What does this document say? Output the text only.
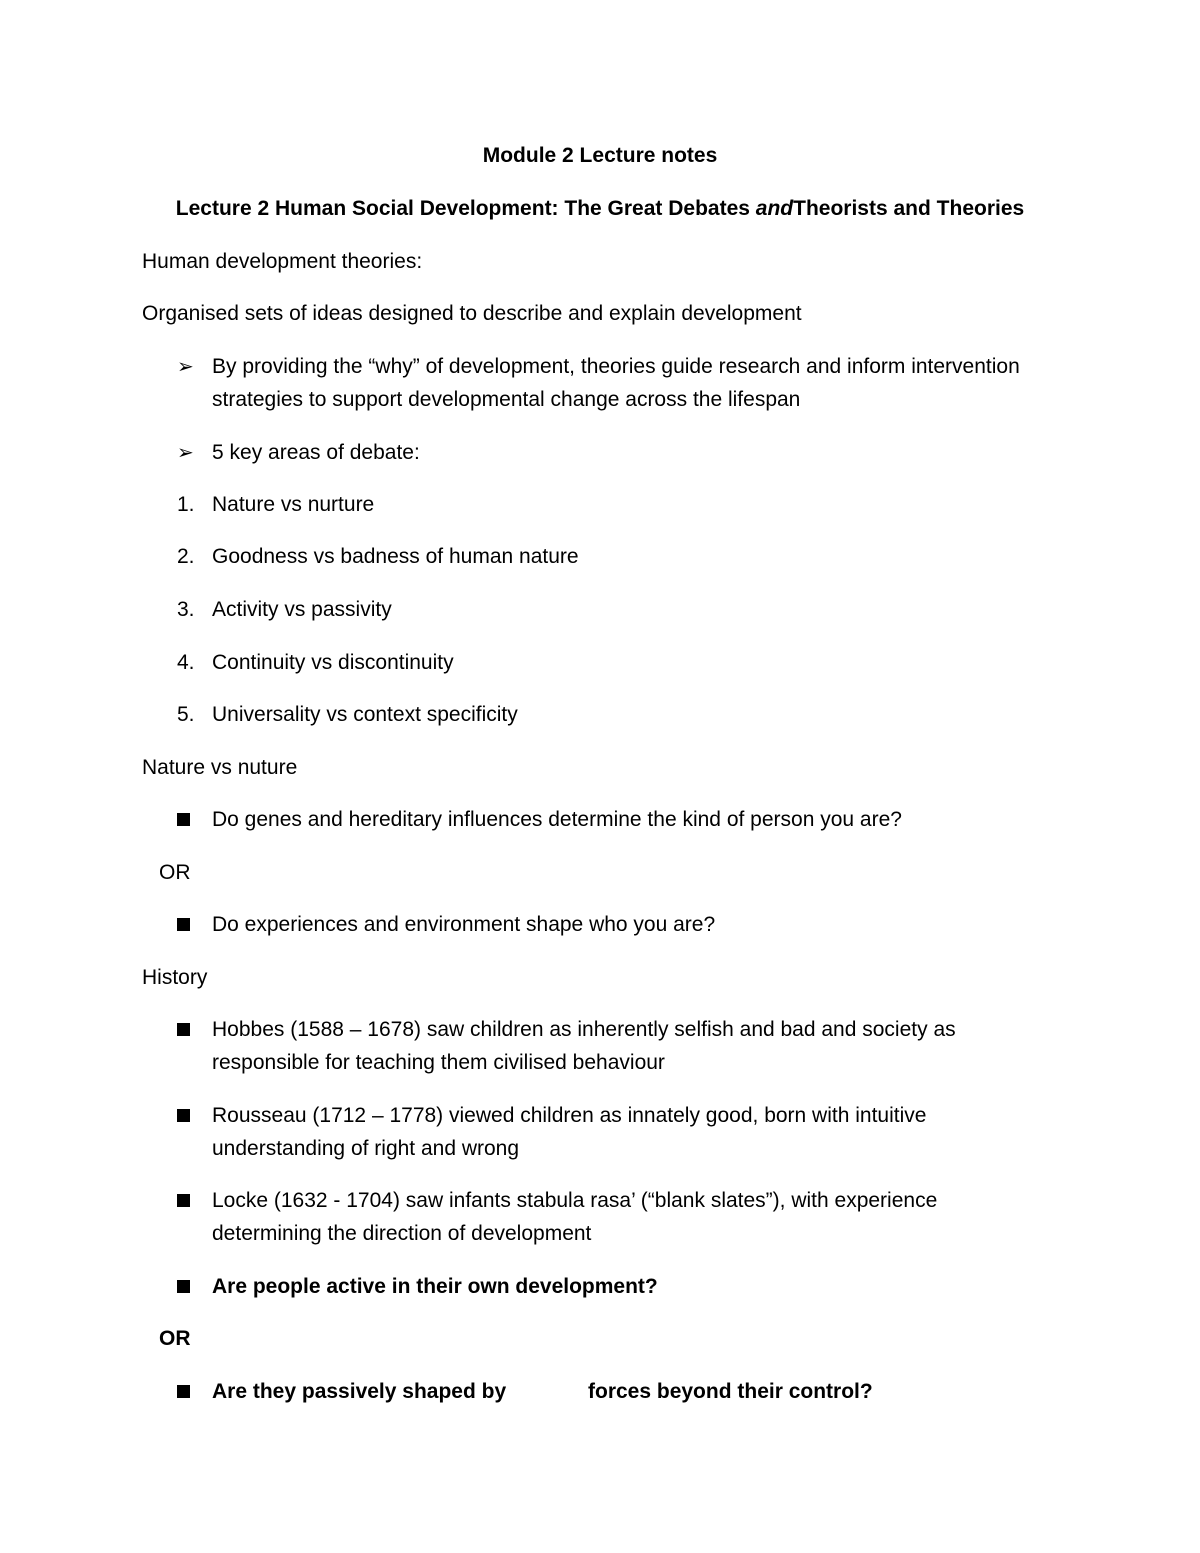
Module 2 Lecture notes
Lecture 2 Human Social Development: The Great Debates andTheorists and Theories
Human development theories:
Organised sets of ideas designed to describe and explain development
➢ By providing the “why” of development, theories guide research and inform intervention
strategies to support developmental change across the lifespan
➢ 5 key areas of debate:
1. Nature vs nurture
2. Goodness vs badness of human nature
3. Activity vs passivity
4. Continuity vs discontinuity
5. Universality vs context specificity
Nature vs nuture
Do genes and hereditary influences determine the kind of person you are?
OR
Do experiences and environment shape who you are?
History
Hobbes (1588 – 1678) saw children as inherently selfish and bad and society as
responsible for teaching them civilised behaviour
Rousseau (1712 – 1778) viewed children as innately good, born with intuitive
understanding of right and wrong
Locke (1632 - 1704) saw infants stabula rasa’ (“blank slates”), with experience
determining the direction of development
Are people active in their own development?
OR
Are they passively shaped by	forces beyond their control?
